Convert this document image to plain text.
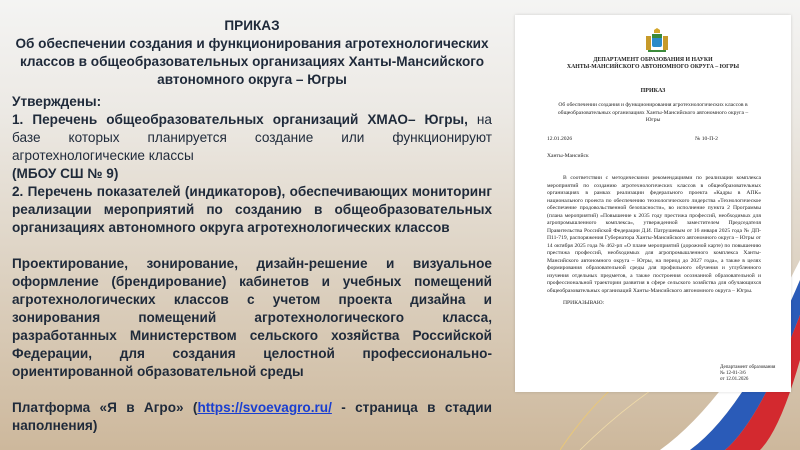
ПРИКАЗ
Об обеспечении создания и функционирования агротехнологических классов в общеобразовательных организациях Ханты-Мансийского автономного округа – Югры
Утверждены:

1. Перечень общеобразовательных организаций ХМАО– Югры, на базе которых планируется создание или функционируют агротехнологические классы

(МБОУ СШ № 9)

2. Перечень показателей (индикаторов), обеспечивающих мониторинг реализации мероприятий по созданию в общеобразовательных организациях автономного округа агротехнологических классов

Проектирование, зонирование, дизайн-решение и визуальное оформление (брендирование) кабинетов и учебных помещений агротехнологических классов с учетом проекта дизайна и зонирования помещений агротехнологического класса, разработанных Министерством сельского хозяйства Российской Федерации, для создания целостной профессионально-ориентированной образовательной среды

Платформа «Я в Агро» (https://svoevagro.ru/ - страница в стадии наполнения)

ДЕПАРТАМЕНТ ОБРАЗОВАНИЯ И НАУКИ
ХАНТЫ-МАНСИЙСКОГО АВТОНОМНОГО ОКРУГА – ЮГРЫ
ПРИКАЗ
Об обеспечении создания и функционирования агротехнологических классов в общеобразовательных организациях Ханты-Мансийского автономного округа – Югры
12.01.2026	№ 10-П-2
Ханты-Мансийск
В соответствии с методическими рекомендациями по реализации комплекса мероприятий по созданию агротехнологических классов в общеобразовательных организациях в рамках реализации федерального проекта «Кадры в АПК» национального проекта по обеспечению технологического лидерства «Технологическое обеспечение продовольственной безопасности», во исполнение пункта 2 Программы (плана мероприятий) «Повышение к 2035 году престижа профессий, необходимых для агропромышленного комплекса», утвержденной заместителем Председателя Правительства Российской Федерации Д.И. Патрушевым от 16 января 2025 года № ДП-П11-719, распоряжения Губернатора Ханты-Мансийского автономного округа – Югры от 14 октября 2025 года № 462-рп «О плане мероприятий (дорожной карте) по повышению престижа профессий, необходимых для агропромышленного комплекса Ханты-Мансийского автономного округа – Югры, на период до 2027 года», а также в целях формирования образовательной среды для профильного обучения и углубленного изучения отдельных предметов, а также построения осознанной образовательной и профессиональной траектории развития в сфере сельского хозяйства для обучающихся общеобразовательных организаций Ханты-Мансийского автономного округа – Югры.
ПРИКАЗЫВАЮ:
Департамент образования
№ 12-01-3/6
от 12.01.2026
